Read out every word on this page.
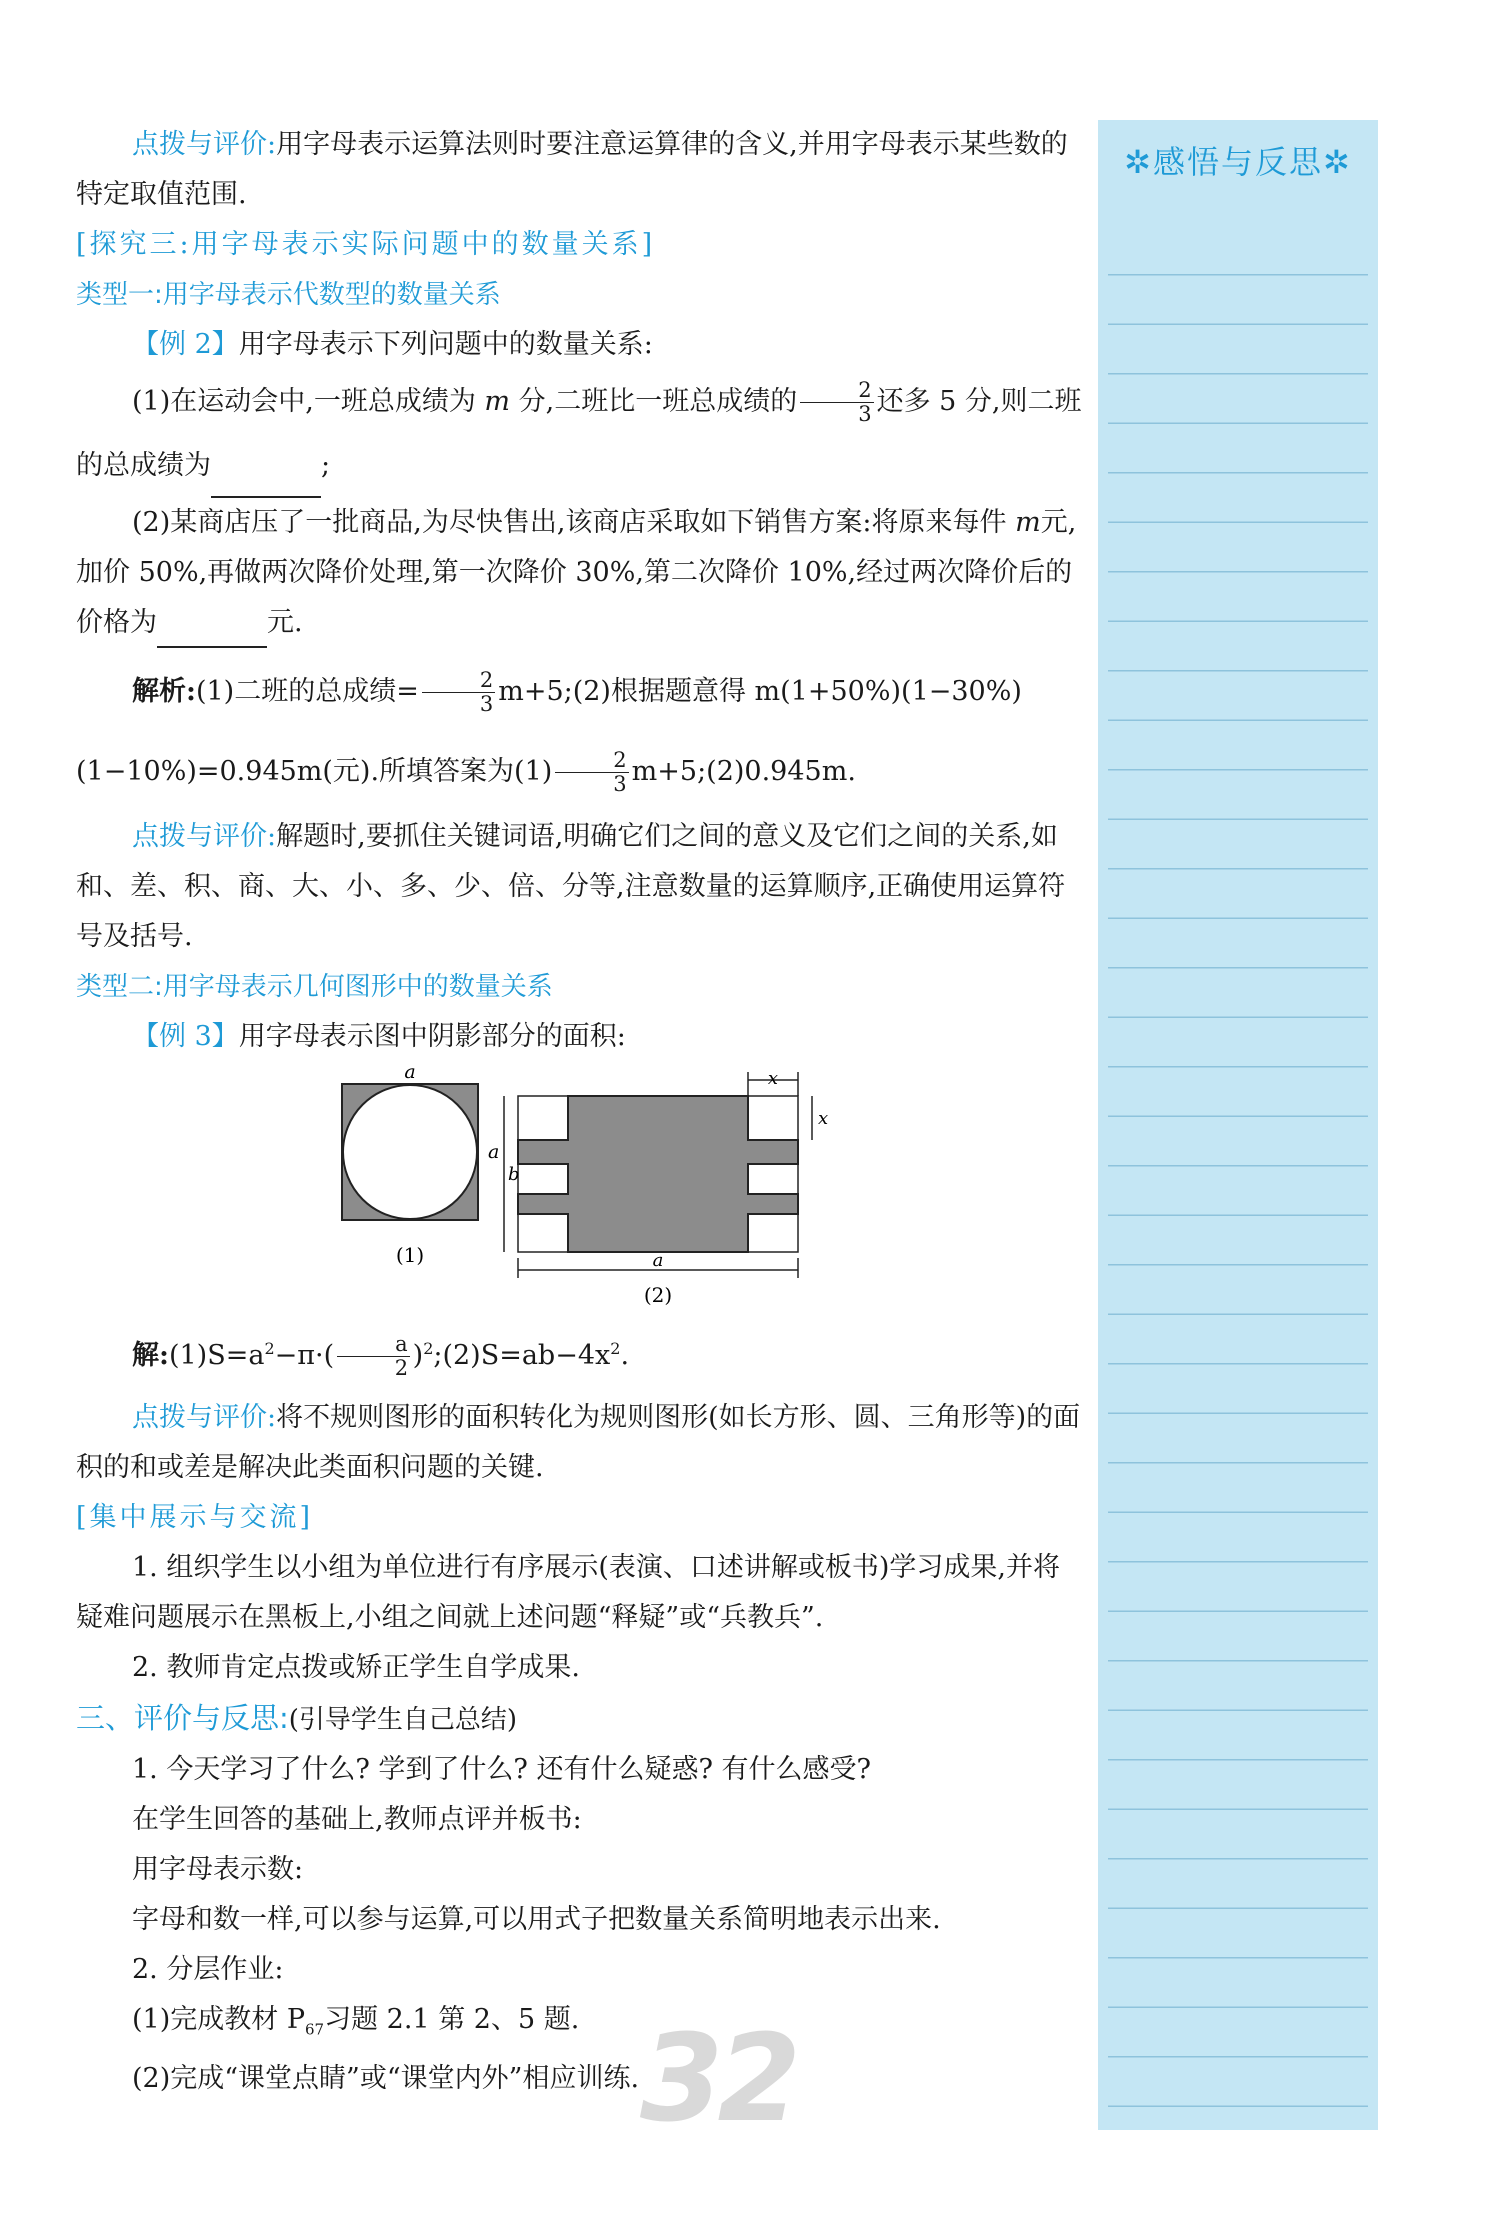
点拨与评价:用字母表示运算法则时要注意运算律的含义,并用字母表示某些数的特定取值范围.

[探究三:用字母表示实际问题中的数量关系]

类型一:用字母表示代数型的数量关系

【例 2】用字母表示下列问题中的数量关系:

(1)在运动会中,一班总成绩为 m 分,二班比一班总成绩的 $\frac{2}{3}$ 还多 5 分,则二班的总成绩为	;

(2)某商店压了一批商品,为尽快售出,该商店采取如下销售方案:将原来每件 m元,加价 50%,再做两次降价处理,第一次降价 30%,第二次降价 10%,经过两次降价后的价格为	元.

解析:(1)二班的总成绩= $\frac{2}{3}$ m+5;(2)根据题意得 m(1+50%)(1−30%)(1−10%)=0.945m(元).所填答案为$(1) \frac{2}{3}$ m+5;(2)0.945m.

点拨与评价:解题时,要抓住关键词语,明确它们之间的意义及它们之间的关系,如和、差、积、商、大、小、多、少、倍、分等,注意数量的运算顺序,正确使用运算符号及括号.

类型二:用字母表示几何图形中的数量关系

【例 3】用字母表示图中阴影部分的面积:

a
a
(1)
x
x
b
a
(2)

解$:(1)S=a^2-\pi\cdot( \frac{a}{2}$ )$^2;(2)S=ab-4x^2$.

点拨与评价:将不规则图形的面积转化为规则图形(如长方形、圆、三角形等)的面积的和或差是解决此类面积问题的关键.

[集中展示与交流]

1. 组织学生以小组为单位进行有序展示(表演、口述讲解或板书)学习成果,并将疑难问题展示在黑板上,小组之间就上述问题“释疑”或“兵教兵”.

2. 教师肯定点拨或矫正学生自学成果.

三、评价与反思:(引导学生自己总结)

1. 今天学习了什么? 学到了什么? 还有什么疑惑? 有什么感受?

在学生回答的基础上,教师点评并板书:

用字母表示数:

字母和数一样,可以参与运算,可以用式子把数量关系简明地表示出来.

2. 分层作业:

(1)完成教材 $P_{67}$习题 2.1 第 2、5 题.

(2)完成“课堂点睛”或“课堂内外”相应训练.

✲感悟与反思✲
32
